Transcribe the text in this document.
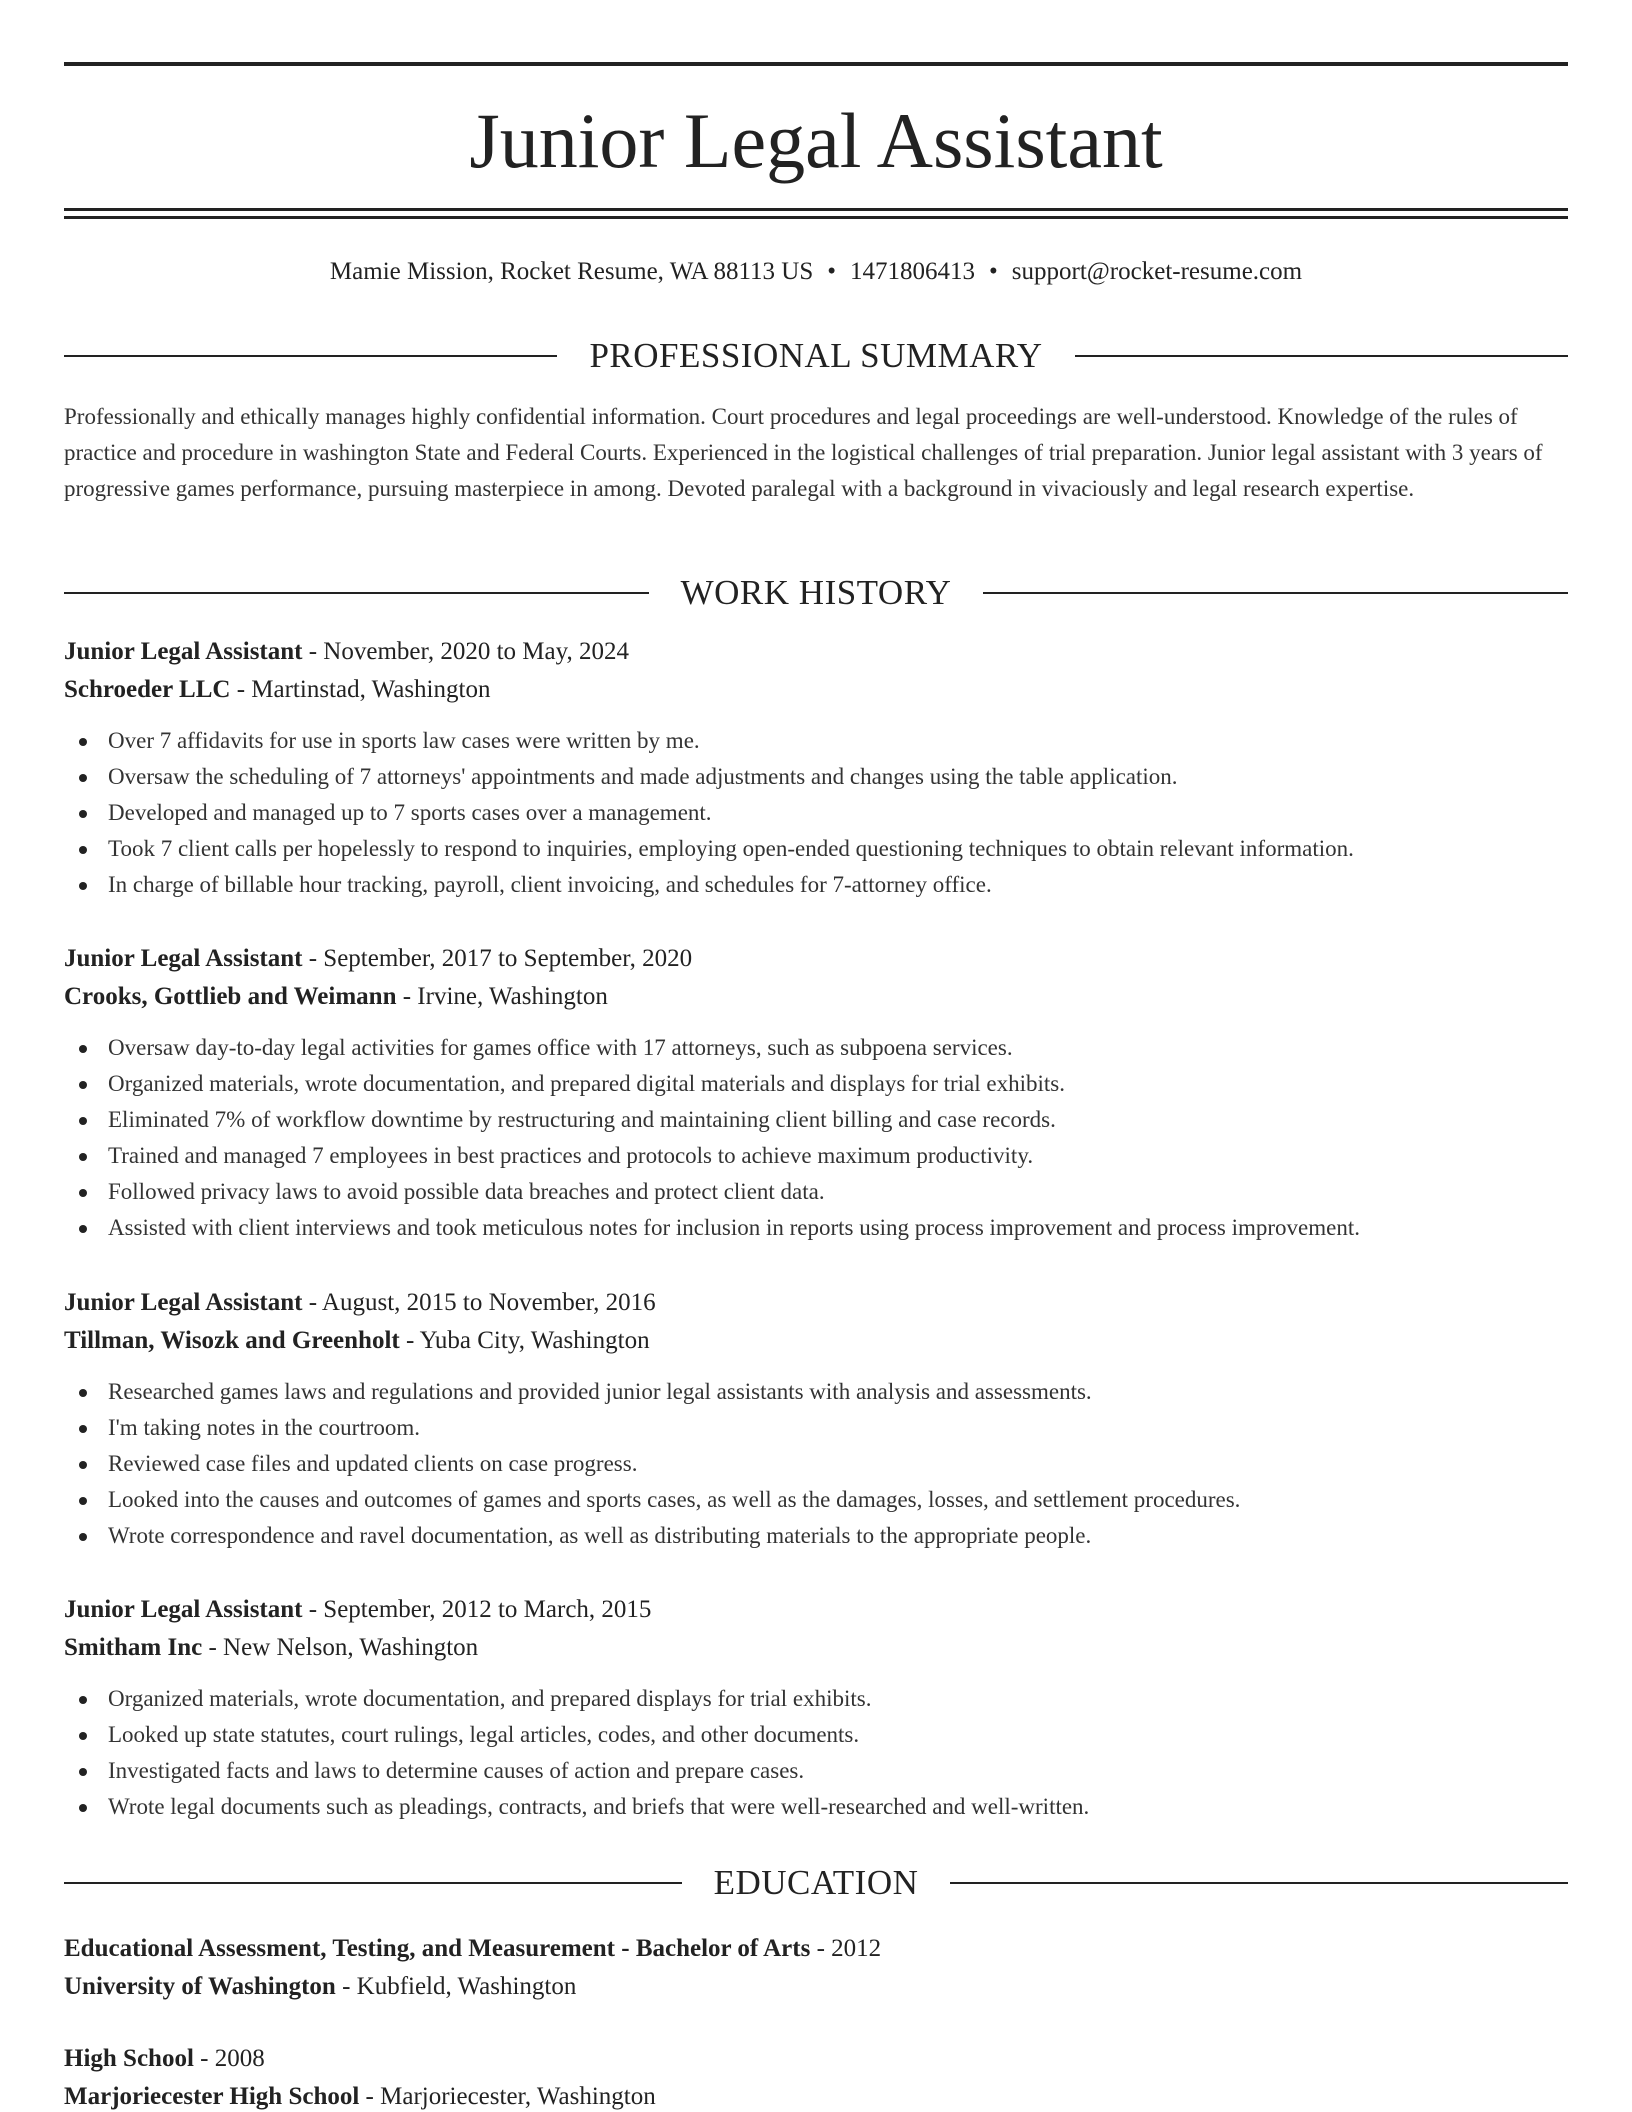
Junior Legal Assistant
Mamie Mission, Rocket Resume, WA 88113 US • 1471806413 • support@rocket-resume.com
PROFESSIONAL SUMMARY

Professionally and ethically manages highly confidential information. Court procedures and legal proceedings are well-understood. Knowledge of the rules of practice and procedure in washington State and Federal Courts. Experienced in the logistical challenges of trial preparation. Junior legal assistant with 3 years of progressive games performance, pursuing masterpiece in among. Devoted paralegal with a background in vivaciously and legal research expertise.

WORK HISTORY
Junior Legal Assistant - November, 2020 to May, 2024
Schroeder LLC - Martinstad, Washington
Over 7 affidavits for use in sports law cases were written by me.
Oversaw the scheduling of 7 attorneys' appointments and made adjustments and changes using the table application.
Developed and managed up to 7 sports cases over a management.
Took 7 client calls per hopelessly to respond to inquiries, employing open-ended questioning techniques to obtain relevant information.
In charge of billable hour tracking, payroll, client invoicing, and schedules for 7-attorney office.
Junior Legal Assistant - September, 2017 to September, 2020
Crooks, Gottlieb and Weimann - Irvine, Washington
Oversaw day-to-day legal activities for games office with 17 attorneys, such as subpoena services.
Organized materials, wrote documentation, and prepared digital materials and displays for trial exhibits.
Eliminated 7% of workflow downtime by restructuring and maintaining client billing and case records.
Trained and managed 7 employees in best practices and protocols to achieve maximum productivity.
Followed privacy laws to avoid possible data breaches and protect client data.
Assisted with client interviews and took meticulous notes for inclusion in reports using process improvement and process improvement.
Junior Legal Assistant - August, 2015 to November, 2016
Tillman, Wisozk and Greenholt - Yuba City, Washington
Researched games laws and regulations and provided junior legal assistants with analysis and assessments.
I'm taking notes in the courtroom.
Reviewed case files and updated clients on case progress.
Looked into the causes and outcomes of games and sports cases, as well as the damages, losses, and settlement procedures.
Wrote correspondence and ravel documentation, as well as distributing materials to the appropriate people.
Junior Legal Assistant - September, 2012 to March, 2015
Smitham Inc - New Nelson, Washington
Organized materials, wrote documentation, and prepared displays for trial exhibits.
Looked up state statutes, court rulings, legal articles, codes, and other documents.
Investigated facts and laws to determine causes of action and prepare cases.
Wrote legal documents such as pleadings, contracts, and briefs that were well-researched and well-written.
EDUCATION
Educational Assessment, Testing, and Measurement - Bachelor of Arts - 2012
University of Washington - Kubfield, Washington
High School - 2008
Marjoriecester High School - Marjoriecester, Washington
